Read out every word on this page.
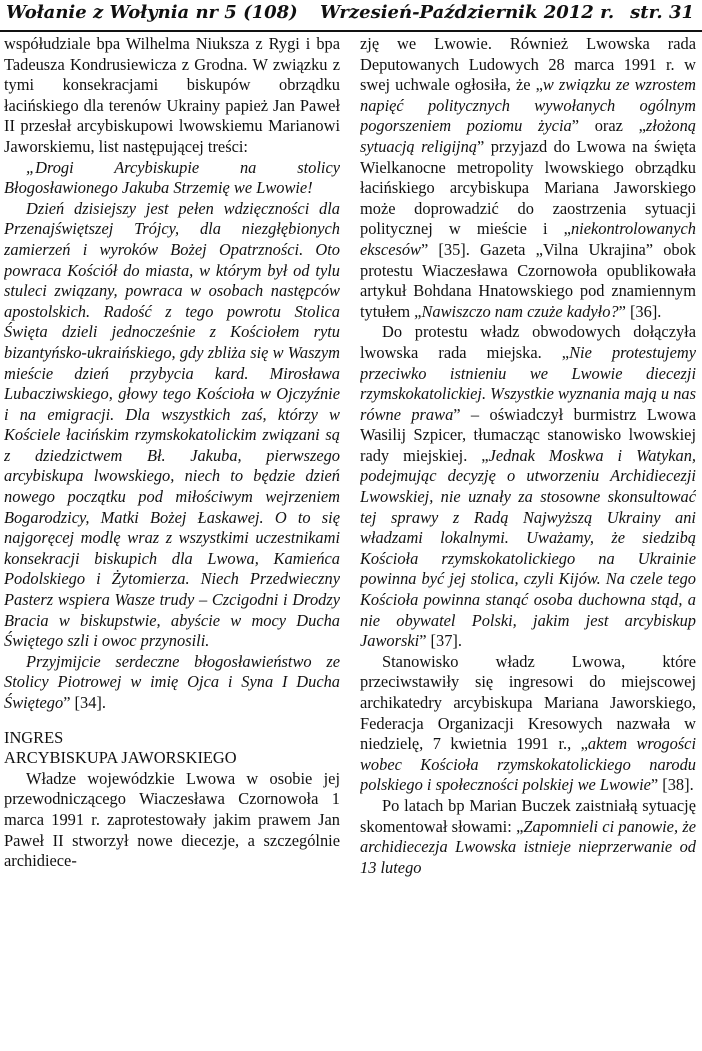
Wołanie z Wołynia nr 5 (108) Wrzesień-Październik 2012 r. str. 31

współudziale bpa Wilhelma Niuksza z Rygi i bpa Tadeusza Kondrusiewicza z Grodna. W związku z tymi konsekracjami biskupów obrządku łacińskiego dla terenów Ukrainy papież Jan Paweł II przesłał arcybiskupowi lwowskiemu Marianowi Jaworskiemu, list następującej treści:

„Drogi Arcybiskupie na stolicy Błogosławionego Jakuba Strzemię we Lwowie!

Dzień dzisiejszy jest pełen wdzięczności dla Przenajświętszej Trójcy, dla niezgłębionych zamierzeń i wyroków Bożej Opatrzności. Oto powraca Kościół do miasta, w którym był od tylu stuleci związany, powraca w osobach następców apostolskich. Radość z tego powrotu Stolica Święta dzieli jednocześnie z Kościołem rytu bizantyńsko-ukraińskiego, gdy zbliża się w Waszym mieście dzień przybycia kard. Mirosława Lubacziwskiego, głowy tego Kościoła w Ojczyźnie i na emigracji. Dla wszystkich zaś, którzy w Kościele łacińskim rzymskokatolickim związani są z dziedzictwem Bł. Jakuba, pierwszego arcybiskupa lwowskiego, niech to będzie dzień nowego początku pod miłościwym wejrzeniem Bogarodzicy, Matki Bożej Łaskawej. O to się najgoręcej modlę wraz z wszystkimi uczestnikami konsekracji biskupich dla Lwowa, Kamieńca Podolskiego i Żytomierza. Niech Przedwieczny Pasterz wspiera Wasze trudy – Czcigodni i Drodzy Bracia w biskupstwie, abyście w mocy Ducha Świętego szli i owoc przynosili.

Przyjmijcie serdeczne błogosławieństwo ze Stolicy Piotrowej w imię Ojca i Syna I Ducha Świętego” [34].

INGRES

ARCYBISKUPA JAWORSKIEGO

Władze wojewódzkie Lwowa w osobie jej przewodniczącego Wiaczesława Czornowoła 1 marca 1991 r. zaprotestowały jakim prawem Jan Paweł II stworzył nowe diecezje, a szczególnie archidiece-

zję we Lwowie. Również Lwowska rada Deputowanych Ludowych 28 marca 1991 r. w swej uchwale ogłosiła, że „w związku ze wzrostem napięć politycznych wywołanych ogólnym pogorszeniem poziomu życia” oraz „złożoną sytuacją religijną” przyjazd do Lwowa na święta Wielkanocne metropolity lwowskiego obrządku łacińskiego arcybiskupa Mariana Jaworskiego może doprowadzić do zaostrzenia sytuacji politycznej w mieście i „niekontrolowanych ekscesów” [35]. Gazeta „Vilna Ukrajina” obok protestu Wiaczesława Czornowoła opublikowała artykuł Bohdana Hnatowskiego pod znamiennym tytułem „Nawiszczo nam czuże kadyło?” [36].

Do protestu władz obwodowych dołączyła lwowska rada miejska. „Nie protestujemy przeciwko istnieniu we Lwowie diecezji rzymskokatolickiej. Wszystkie wyznania mają u nas równe prawa” – oświadczył burmistrz Lwowa Wasilij Szpicer, tłumacząc stanowisko lwowskiej rady miejskiej. „Jednak Moskwa i Watykan, podejmując decyzję o utworzeniu Archidiecezji Lwowskiej, nie uznały za stosowne skonsultować tej sprawy z Radą Najwyższą Ukrainy ani władzami lokalnymi. Uważamy, że siedzibą Kościoła rzymskokatolickiego na Ukrainie powinna być jej stolica, czyli Kijów. Na czele tego Kościoła powinna stanąć osoba duchowna stąd, a nie obywatel Polski, jakim jest arcybiskup Jaworski” [37].

Stanowisko władz Lwowa, które przeciwstawiły się ingresowi do miejscowej archikatedry arcybiskupa Mariana Jaworskiego, Federacja Organizacji Kresowych nazwała w niedzielę, 7 kwietnia 1991 r., „aktem wrogości wobec Kościoła rzymskokatolickiego narodu polskiego i społeczności polskiej we Lwowie” [38].

Po latach bp Marian Buczek zaistniałą sytuację skomentował słowami: „Zapomnieli ci panowie, że archidiecezja Lwowska istnieje nieprzerwanie od 13 lutego
